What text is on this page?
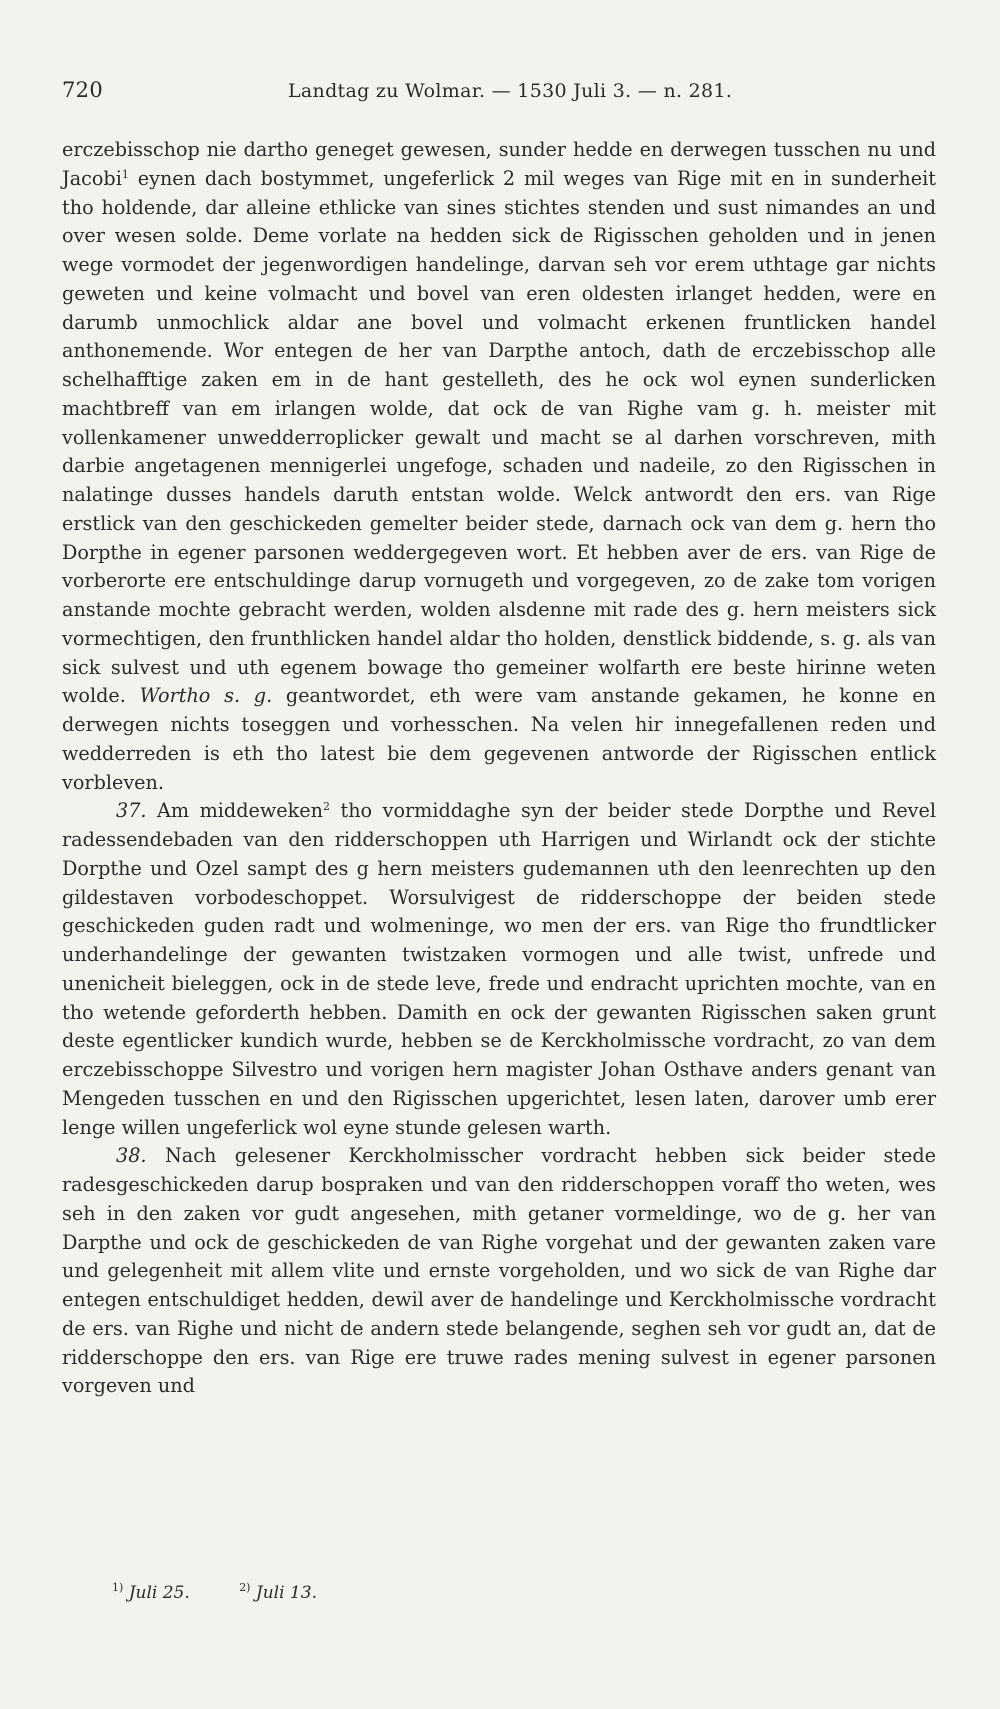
720	Landtag zu Wolmar. — 1530 Juli 3. — n. 281.

erczebisschop nie dartho geneget gewesen, sunder hedde en derwegen tusschen nu und Jacobi$^1$ eynen dach bostymmet, ungeferlick 2 mil weges van Rige mit en in sunderheit tho holdende, dar alleine ethlicke van sines stichtes stenden und sust nimandes an und over wesen solde. Deme vorlate na hedden sick de Rigisschen geholden und in jenen wege vormodet der jegenwordigen handelinge, darvan seh vor erem uthtage gar nichts geweten und keine volmacht und bovel van eren oldesten irlanget hedden, were en darumb unmochlick aldar ane bovel und volmacht erkenen fruntlicken handel anthonemende. Wor entegen de her van Darpthe antoch, dath de erczebisschop alle schelhafftige zaken em in de hant gestelleth, des he ock wol eynen sunderlicken machtbreff van em irlangen wolde, dat ock de van Righe vam g. h. meister mit vollenkamener unwedderroplicker gewalt und macht se al darhen vorschreven, mith darbie angetagenen mennigerlei ungefoge, schaden und nadeile, zo den Rigisschen in nalatinge dusses handels daruth entstan wolde. Welck antwordt den ers. van Rige erstlick van den geschickeden gemelter beider stede, darnach ock van dem g. hern tho Dorpthe in egener parsonen weddergegeven wort. Et hebben aver de ers. van Rige de vorberorte ere entschuldinge darup vornugeth und vorgegeven, zo de zake tom vorigen anstande mochte gebracht werden, wolden alsdenne mit rade des g. hern meisters sick vormechtigen, den frunthlicken handel aldar tho holden, denstlick biddende, s. g. als van sick sulvest und uth egenem bowage tho gemeiner wolfarth ere beste hirinne weten wolde. Wortho s. g. geantwordet, eth were vam anstande gekamen, he konne en derwegen nichts toseggen und vorhesschen. Na velen hir innegefallenen reden und wedderreden is eth tho latest bie dem gegevenen antworde der Rigisschen entlick vorbleven.

37. Am middeweken$^2$ tho vormiddaghe syn der beider stede Dorpthe und Revel radessendebaden van den ridderschoppen uth Harrigen und Wirlandt ock der stichte Dorpthe und Ozel sampt des g hern meisters gudemannen uth den leenrechten up den gildestaven vorbodeschoppet. Worsulvigest de ridderschoppe der beiden stede geschickeden guden radt und wolmeninge, wo men der ers. van Rige tho frundtlicker underhandelinge der gewanten twistzaken vormogen und alle twist, unfrede und unenicheit bieleggen, ock in de stede leve, frede und endracht uprichten mochte, van en tho wetende geforderth hebben. Damith en ock der gewanten Rigisschen saken grunt deste egentlicker kundich wurde, hebben se de Kerckholmissche vordracht, zo van dem erczebisschoppe Silvestro und vorigen hern magister Johan Osthave anders genant van Mengeden tusschen en und den Rigisschen upgerichtet, lesen laten, darover umb erer lenge willen ungeferlick wol eyne stunde gelesen warth.

38. Nach gelesener Kerckholmisscher vordracht hebben sick beider stede radesgeschickeden darup bospraken und van den ridderschoppen voraff tho weten, wes seh in den zaken vor gudt angesehen, mith getaner vormeldinge, wo de g. her van Darpthe und ock de geschickeden de van Righe vorgehat und der gewanten zaken vare und gelegenheit mit allem vlite und ernste vorgeholden, und wo sick de van Righe dar entegen entschuldiget hedden, dewil aver de handelinge und Kerckholmissche vordracht de ers. van Righe und nicht de andern stede belangende, seghen seh vor gudt an, dat de ridderschoppe den ers. van Rige ere truwe rades mening sulvest in egener parsonen vorgeven und

$^{1)}$ Juli 25.	$^{2)}$ Juli 13.
